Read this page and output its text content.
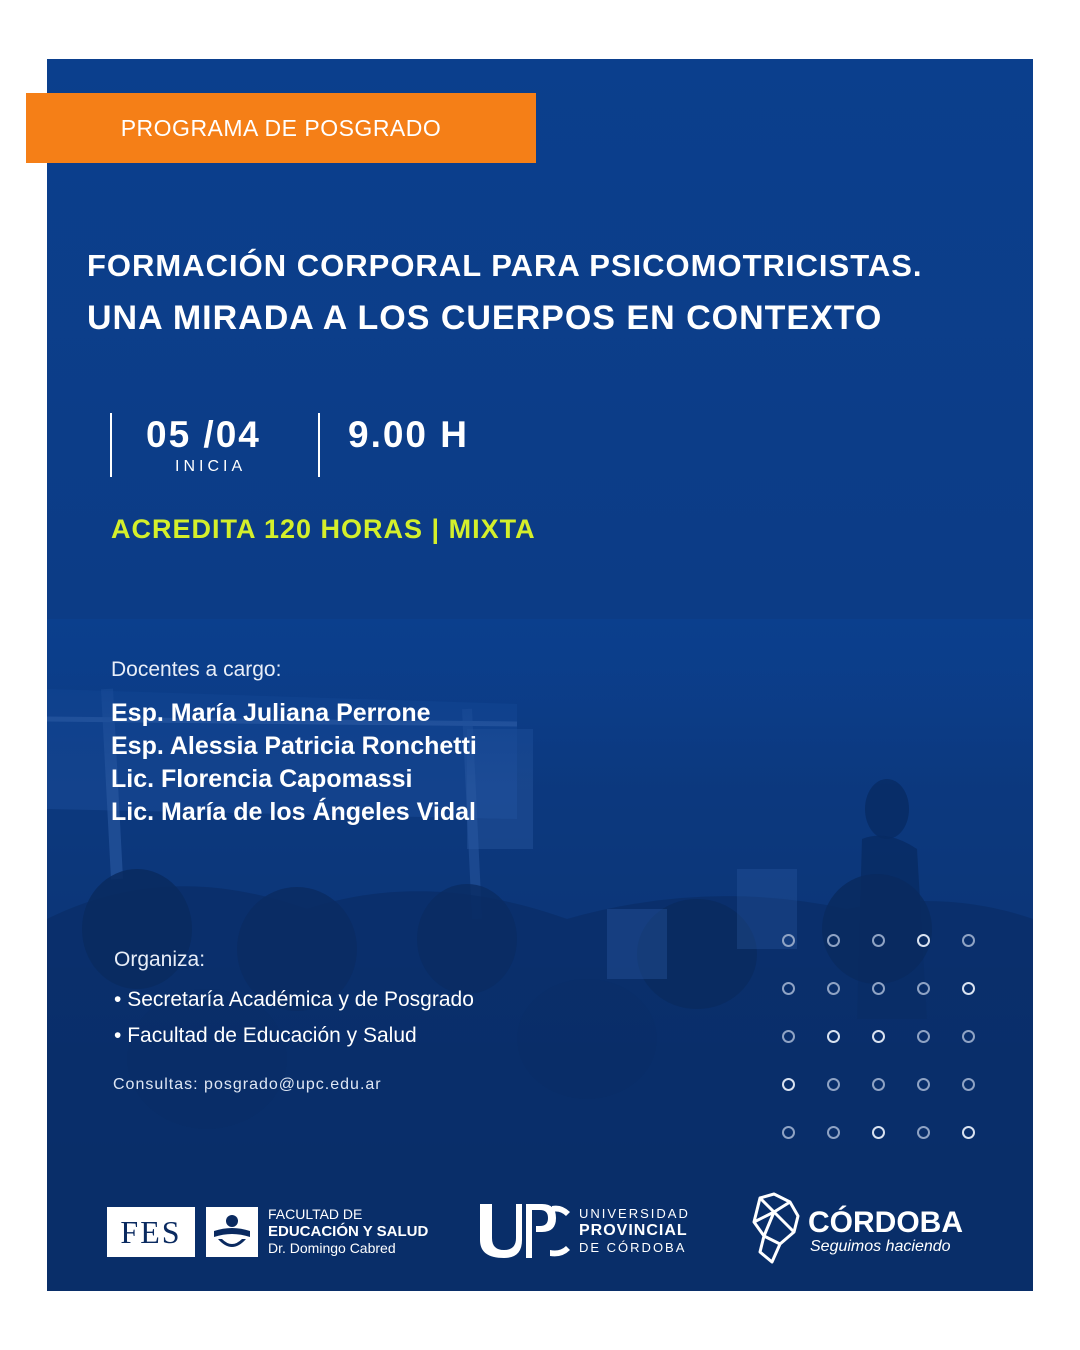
PROGRAMA DE POSGRADO
FORMACIÓN CORPORAL PARA PSICOMOTRICISTAS.
UNA MIRADA A LOS CUERPOS EN CONTEXTO
05 /04
INICIA
9.00 H
ACREDITA 120 HORAS | MIXTA
Docentes a cargo:
Esp. María Juliana Perrone
Esp. Alessia Patricia Ronchetti
Lic. Florencia Capomassi
Lic. María de los Ángeles Vidal
Organiza:
• Secretaría Académica y de Posgrado
• Facultad de Educación y Salud
Consultas: posgrado@upc.edu.ar
FES	FACULTAD DE
EDUCACIÓN Y SALUD
Dr. Domingo Cabred
UNIVERSIDAD
PROVINCIAL
DE CÓRDOBA
CÓRDOBA
Seguimos haciendo
